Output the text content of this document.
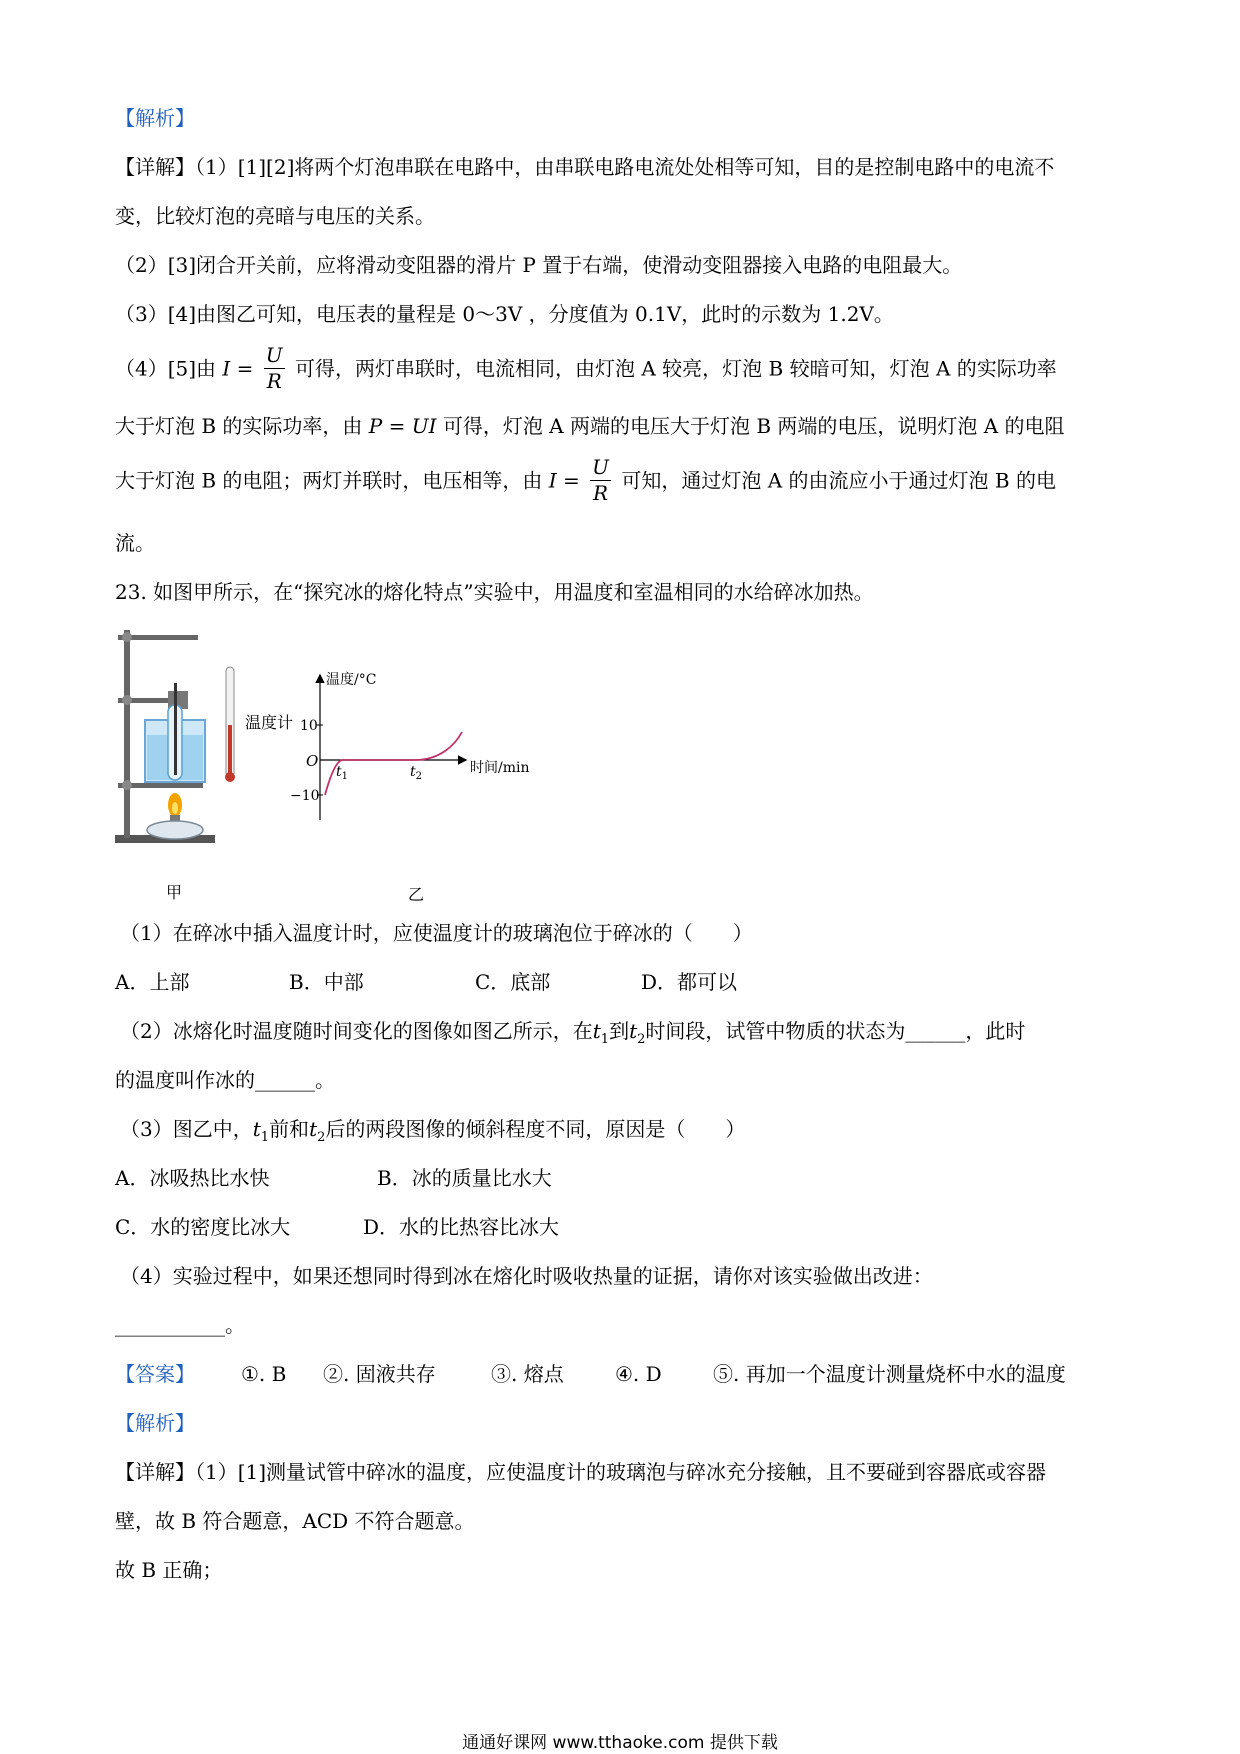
【解析】
【详解】（1）[1][2]将两个灯泡串联在电路中，由串联电路电流处处相等可知，目的是控制电路中的电流不
变，比较灯泡的亮暗与电压的关系。
（2）[3]闭合开关前，应将滑动变阻器的滑片 P 置于右端，使滑动变阻器接入电路的电阻最大。
（3）[4]由图乙可知，电压表的量程是 0～3V ，分度值为 0.1V，此时的示数为 1.2V。
（4）[5]由 $I = \frac{U}{R}$ 可得，两灯串联时，电流相同，由灯泡 A 较亮，灯泡 B 较暗可知，灯泡 A 的实际功率
大于灯泡 B 的实际功率，由 P = UI 可得，灯泡 A 两端的电压大于灯泡 B 两端的电压，说明灯泡 A 的电阻
大于灯泡 B 的电阻；两灯并联时，电压相等，由 $I = \frac{U}{R}$ 可知，通过灯泡 A 的由流应小于通过灯泡 B 的电
流。
23. 如图甲所示，在“探究冰的熔化特点”实验中，用温度和室温相同的水给碎冰加热。
温度计
温度/°C
时间/min
10
−10
O
$t_1$	$t_2$
甲	乙
（1）在碎冰中插入温度计时，应使温度计的玻璃泡位于碎冰的（　　）
A．上部	B．中部	C．底部	D．都可以
（2）冰熔化时温度随时间变化的图像如图乙所示，在$t_1$到$t_2$时间段，试管中物质的状态为______，此时
的温度叫作冰的______。
（3）图乙中，$t_1$前和$t_2$后的两段图像的倾斜程度不同，原因是（　　）
A．冰吸热比水快	B．冰的质量比水大
C．水的密度比冰大	D．水的比热容比冰大
（4）实验过程中，如果还想同时得到冰在熔化时吸收热量的证据，请你对该实验做出改进：
___________。
【答案】 ①. B ②. 固液共存	③. 熔点	④. D	⑤. 再加一个温度计测量烧杯中水的温度
【解析】
【详解】（1）[1]测量试管中碎冰的温度，应使温度计的玻璃泡与碎冰充分接触，且不要碰到容器底或容器
壁，故 B 符合题意，ACD 不符合题意。
故 B 正确；
通通好课网 www.tthaoke.com 提供下载
